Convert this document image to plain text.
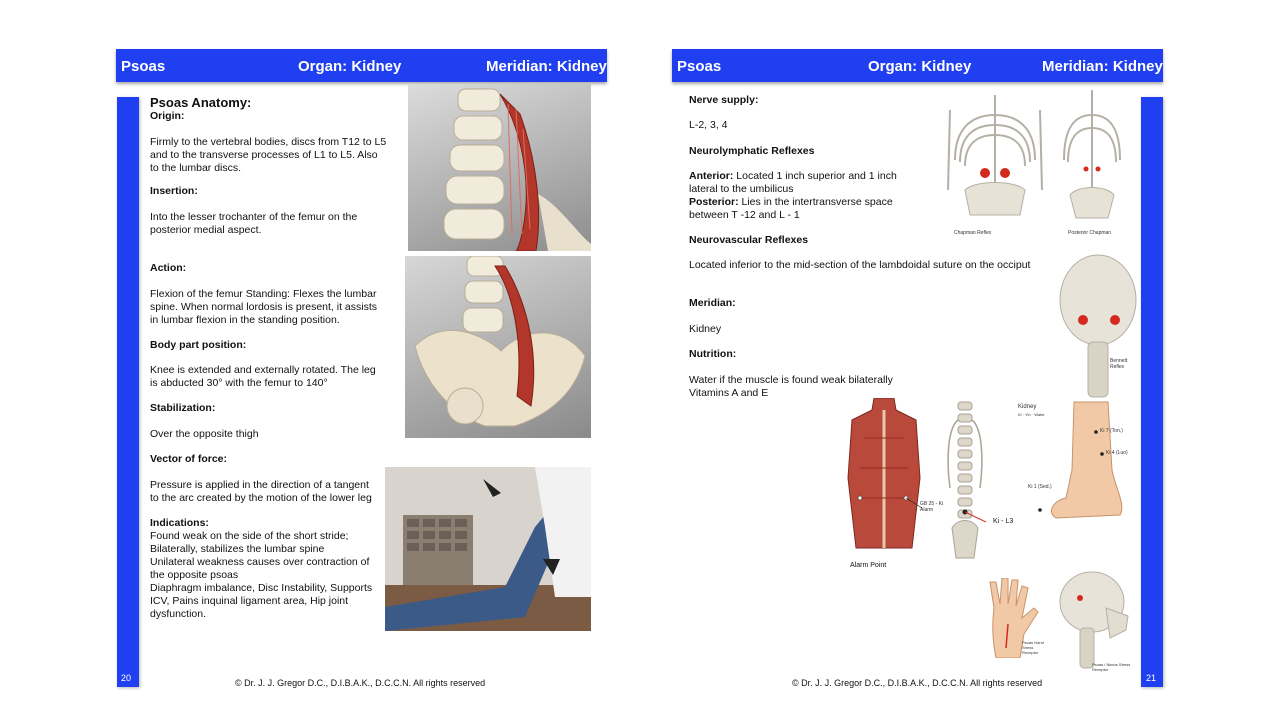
Psoas	Organ: Kidney	Meridian: Kidney
20
Psoas Anatomy:
Origin:
Firmly to the vertebral bodies, discs from T12 to L5
and to the transverse processes of L1 to L5. Also
to the lumbar discs.
Insertion:
Into the lesser trochanter of the femur on the
posterior medial aspect.
Action:
Flexion of the femur Standing: Flexes the lumbar
spine. When normal lordosis is present, it assists
in lumbar flexion in the standing position.
Body part position:
Knee is extended and externally rotated. The leg
is abducted 30° with the femur to 140°
Stabilization:
Over the opposite thigh
Vector of force:
Pressure is applied in the direction of a tangent
to the arc created by the motion of the lower leg
Indications:
Found weak on the side of the short stride;
Bilaterally, stabilizes the lumbar spine
Unilateral weakness causes over contraction of
the opposite psoas
Diaphragm imbalance, Disc Instability, Supports
ICV, Pains inquinal ligament area, Hip joint
dysfunction.
© Dr. J. J. Gregor D.C., D.I.B.A.K., D.C.C.N. All rights reserved
Psoas	Organ: Kidney	Meridian: Kidney
21
Nerve supply:
L-2, 3, 4
Neurolymphatic Reflexes
Anterior: Located 1 inch superior and 1 inch
lateral to the umbilicus
Posterior: Lies in the intertransverse space
between T -12 and L - 1
Neurovascular Reflexes
Located inferior to the mid-section of the lambdoidal suture on the occiput
Meridian:
Kidney
Nutrition:
Water if the muscle is found weak bilaterally
Vitamins A and E
Chapman Reflex	Posterior Chapman
Bennett Reflex
Alarm Point
GB 25 - Ki Alarm
Ki - L3
Kidney
Ki · Yin · Water
Ki 7 (Ton.)
Ki 4 (Luo)
Ki 1 (Sed.)
Psoas Hand Stress Receptor
Psoas / Iliacus Stress Receptor
© Dr. J. J. Gregor D.C., D.I.B.A.K., D.C.C.N. All rights reserved
